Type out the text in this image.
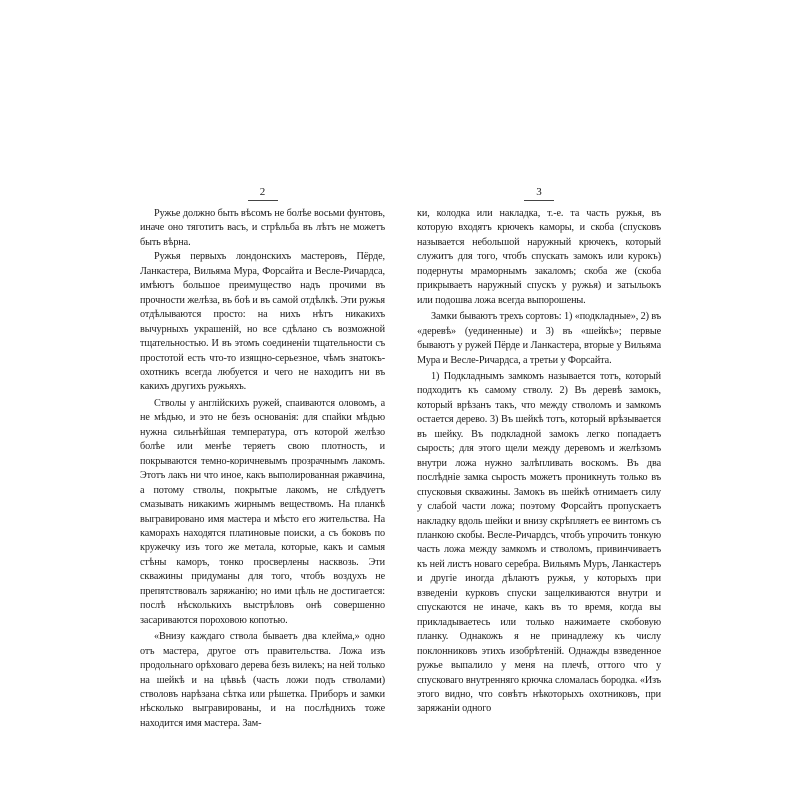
2

Ружье должно быть вѣсомъ не болѣе восьми фунтовъ, иначе оно тяготитъ васъ, и стрѣльба въ лѣтъ не можетъ быть вѣрна.

Ружья первыхъ лондонскихъ мастеровъ, Пёрде, Ланкастера, Вильяма Мура, Форсайта и Весле-Ричардса, имѣютъ большое преимущество надъ прочими въ прочности желѣза, въ боѣ и въ самой отдѣлкѣ. Эти ружья отдѣлываются просто: на нихъ нѣтъ никакихъ вычурныхъ украшеній, но все сдѣлано съ возможной тщательностью. И въ этомъ соединеніи тщательности съ простотой есть что-то изящно-серьезное, чѣмъ знатокъ-охотникъ всегда любуется и чего не находитъ ни въ какихъ другихъ ружьяхъ.

Стволы у англійскихъ ружей, спаиваются оловомъ, а не мѣдью, и это не безъ основанія: для спайки мѣдью нужна сильнѣйшая температура, отъ которой желѣзо болѣе или менѣе теряетъ свою плотность, и покрываются темно-коричневымъ прозрачнымъ лакомъ. Этотъ лакъ ни что иное, какъ выполированная ржавчина, а потому стволы, покрытые лакомъ, не слѣдуетъ смазывать никакимъ жирнымъ веществомъ. На планкѣ выгравировано имя мастера и мѣсто его жительства. На каморахъ находятся платиновые поиски, а съ боковъ по кружечку изъ того же метала, которые, какъ и самыя стѣны каморъ, тонко просверлены насквозь. Эти скважины придуманы для того, чтобъ воздухъ не препятствовалъ заряжанію; но ими цѣль не достигается: послѣ нѣсколькихъ выстрѣловъ онѣ совершенно засариваются пороховою копотью.

«Внизу каждаго ствола бываетъ два клейма,» одно отъ мастера, другое отъ правительства. Ложа изъ продольнаго орѣховаго дерева безъ вилекъ; на ней только на шейкѣ и на цѣвьѣ (часть ложи подъ стволами) стволовъ нарѣзана сѣтка или рѣшетка. Приборъ и замки нѣсколько выгравированы, и на послѣднихъ тоже находится имя мастера. Зам-

3

ки, колодка или накладка, т.-е. та часть ружья, въ которую входятъ крючекъ каморы, и скоба (спусковъ называется небольшой наружный крючекъ, который служитъ для того, чтобъ спускать замокъ или курокъ) подернуты мраморнымъ закаломъ; скоба же (скоба прикрываетъ наружный спускъ у ружья) и затыльокъ или подошва ложа всегда выпорошены.

Замки бываютъ трехъ сортовъ: 1) «подкладные», 2) въ «деревѣ» (уединенные) и 3) въ «шейкѣ»; первые бываютъ у ружей Пёрде и Ланкастера, вторые у Вильяма Мура и Весле-Ричардса, а третьи у Форсайта.

1) Подкладнымъ замкомъ называется тотъ, который подходитъ къ самому стволу. 2) Въ деревѣ замокъ, который врѣзанъ такъ, что между стволомъ и замкомъ остается дерево. 3) Въ шейкѣ тотъ, который врѣзывается въ шейку. Въ подкладной замокъ легко попадаетъ сырость; для этого щели между деревомъ и желѣзомъ внутри ложа нужно залѣпливать воскомъ. Въ два послѣдніе замка сырость можетъ проникнуть только въ спусковыя скважины. Замокъ въ шейкѣ отнимаетъ силу у слабой части ложа; поэтому Форсайтъ пропускаетъ накладку вдоль шейки и внизу скрѣпляетъ ее винтомъ съ планкою скобы. Весле-Ричардсъ, чтобъ упрочить тонкую часть ложа между замкомъ и стволомъ, привинчиваетъ къ ней листъ новаго серебра. Вильямъ Муръ, Ланкастеръ и другіе иногда дѣлаютъ ружья, у которыхъ при взведеніи курковъ спуски защелкиваются внутри и спускаются не иначе, какъ въ то время, когда вы прикладываетесь или только нажимаете скобовую планку. Однакожъ я не принадлежу къ числу поклонниковъ этихъ изобрѣтеній. Однажды взведенное ружье выпалило у меня на плечѣ, оттого что у спусковаго внутренняго крючка сломалась бородка. «Изъ этого видно, что совѣтъ нѣкоторыхъ охотниковъ, при заряжаніи одного
